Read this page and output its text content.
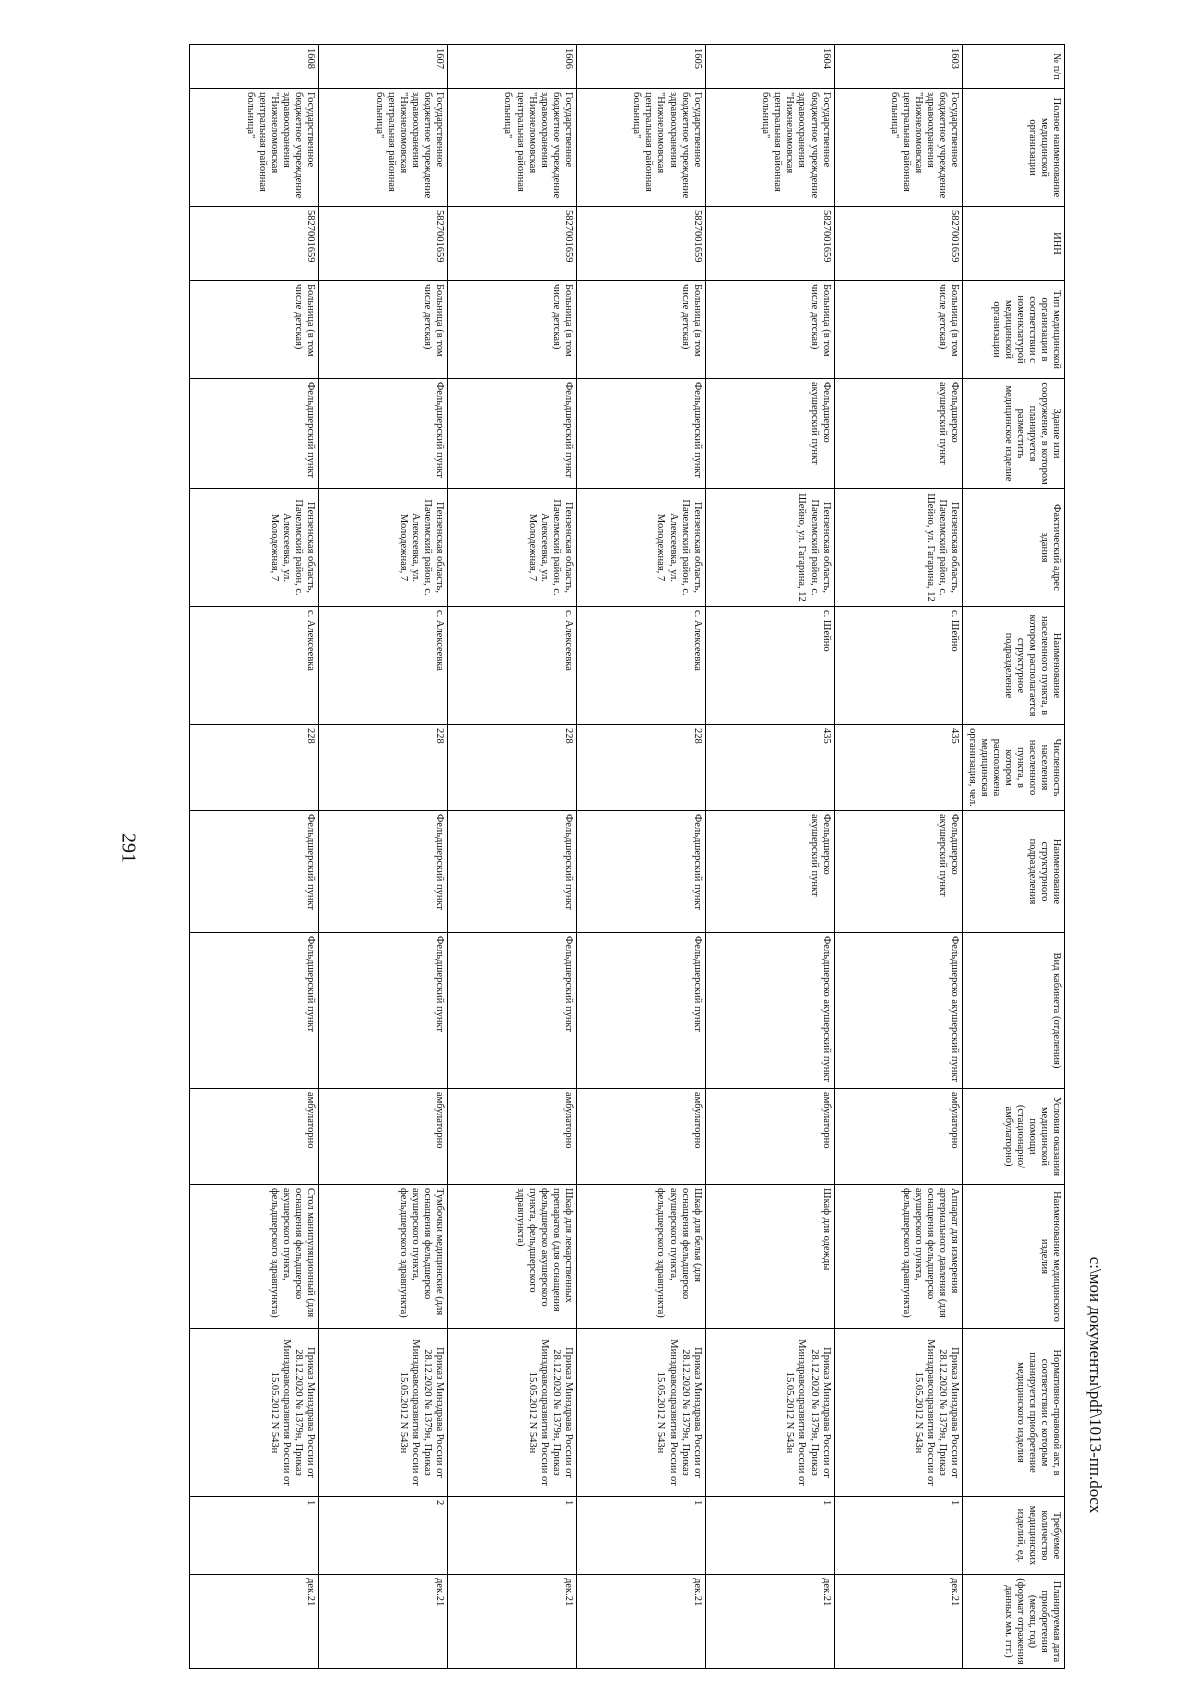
291
№ п/п	Полное наименование медицинской организации	ИНН	Тип медицинской организации в соответствии с номенклатурой медицинской организации	Здание или сооружение, в котором планируется разместить медицинское изделие	Фактический адрес здания	Наименование населенного пункта, в котором располагается структурное подразделение	Численность населения населенного пункта, в котором расположена медицинская организация, чел.	Наименование структурного подразделения	Вид кабинета (отделения)	Условия оказания медицинской помощи (стационарно/ амбулаторно)	Наименование медицинского изделия	Нормативно-правовой акт, в соответствии с которым планируется приобретение медицинского изделия	Требуемое количество медицинских изделий, ед.	Планируемая дата приобретения (месяц, год) (формат отражения данных мм. ггг.)
1603	Государственное бюджетное учреждение здравоохранения "Нижнеломовская центральная районная больница"	5827001659	Больница (в том числе детская)	Фельдшерско акушерский пункт	Пензенская область, Пачелмский район, с. Шейно, ул. Гагарина, 12	с. Шейно	435	Фельдшерско акушерский пункт	Фельдшерско акушерский пункт	амбулаторно	Аппарат для измерения артериального давления (для оснащения фельдшерско акушерского пункта, фельдшерского здравпункта)	Приказ Минздрава России от 28.12.2020 № 1379н, Приказ Минздравсоцразвития России от 15.05.2012 N 543н	1	дек.21
1604	Государственное бюджетное учреждение здравоохранения "Нижнеломовская центральная районная больница"	5827001659	Больница (в том числе детская)	Фельдшерско акушерский пункт	Пензенская область, Пачелмский район, с. Шейно, ул. Гагарина, 12	с. Шейно	435	Фельдшерско акушерский пункт	Фельдшерско акушерский пункт	амбулаторно	Шкаф для одежды	Приказ Минздрава России от 28.12.2020 № 1379н, Приказ Минздравсоцразвития России от 15.05.2012 N 543н	1	дек.21
1605	Государственное бюджетное учреждение здравоохранения "Нижнеломовская центральная районная больница"	5827001659	Больница (в том числе детская)	Фельдшерский пункт	Пензенская область, Пачелмский район, с. Алексеевка, ул. Молодежная, 7	с. Алексеевка	228	Фельдшерский пункт	Фельдшерский пункт	амбулаторно	Шкаф для белья (для оснащения фельдшерско акушерского пункта, фельдшерского здравпункта)	Приказ Минздрава России от 28.12.2020 № 1379н, Приказ Минздравсоцразвития России от 15.05.2012 N 543н	1	дек.21
1606	Государственное бюджетное учреждение здравоохранения "Нижнеломовская центральная районная больница"	5827001659	Больница (в том числе детская)	Фельдшерский пункт	Пензенская область, Пачелмский район, с. Алексеевка, ул. Молодежная, 7	с. Алексеевка	228	Фельдшерский пункт	Фельдшерский пункт	амбулаторно	Шкаф для лекарственных препаратов (для оснащения фельдшерско акушерского пункта, фельдшерского здравпункта)	Приказ Минздрава России от 28.12.2020 № 1379н, Приказ Минздравсоцразвития России от 15.05.2012 N 543н	1	дек.21
1607	Государственное бюджетное учреждение здравоохранения "Нижнеломовская центральная районная больница"	5827001659	Больница (в том числе детская)	Фельдшерский пункт	Пензенская область, Пачелмский район, с. Алексеевка, ул. Молодежная, 7	с. Алексеевка	228	Фельдшерский пункт	Фельдшерский пункт	амбулаторно	Тумбочки медицинские (для оснащения фельдшерско акушерского пункта, фельдшерского здравпункта)	Приказ Минздрава России от 28.12.2020 № 1379н, Приказ Минздравсоцразвития России от 15.05.2012 N 543н	2	дек.21
1608	Государственное бюджетное учреждение здравоохранения "Нижнеломовская центральная районная больница"	5827001659	Больница (в том числе детская)	Фельдшерский пункт	Пензенская область, Пачелмский район, с. Алексеевка, ул. Молодежная, 7	с. Алексеевка	228	Фельдшерский пункт	Фельдшерский пункт	амбулаторно	Стол манипуляционный (для оснащения фельдшерско акушерского пункта, фельдшерского здравпункта)	Приказ Минздрава России от 28.12.2020 № 1379н, Приказ Минздравсоцразвития России от 15.05.2012 N 543н	1	дек.21
c:\мои документы\pdf\1013-пп.docx
